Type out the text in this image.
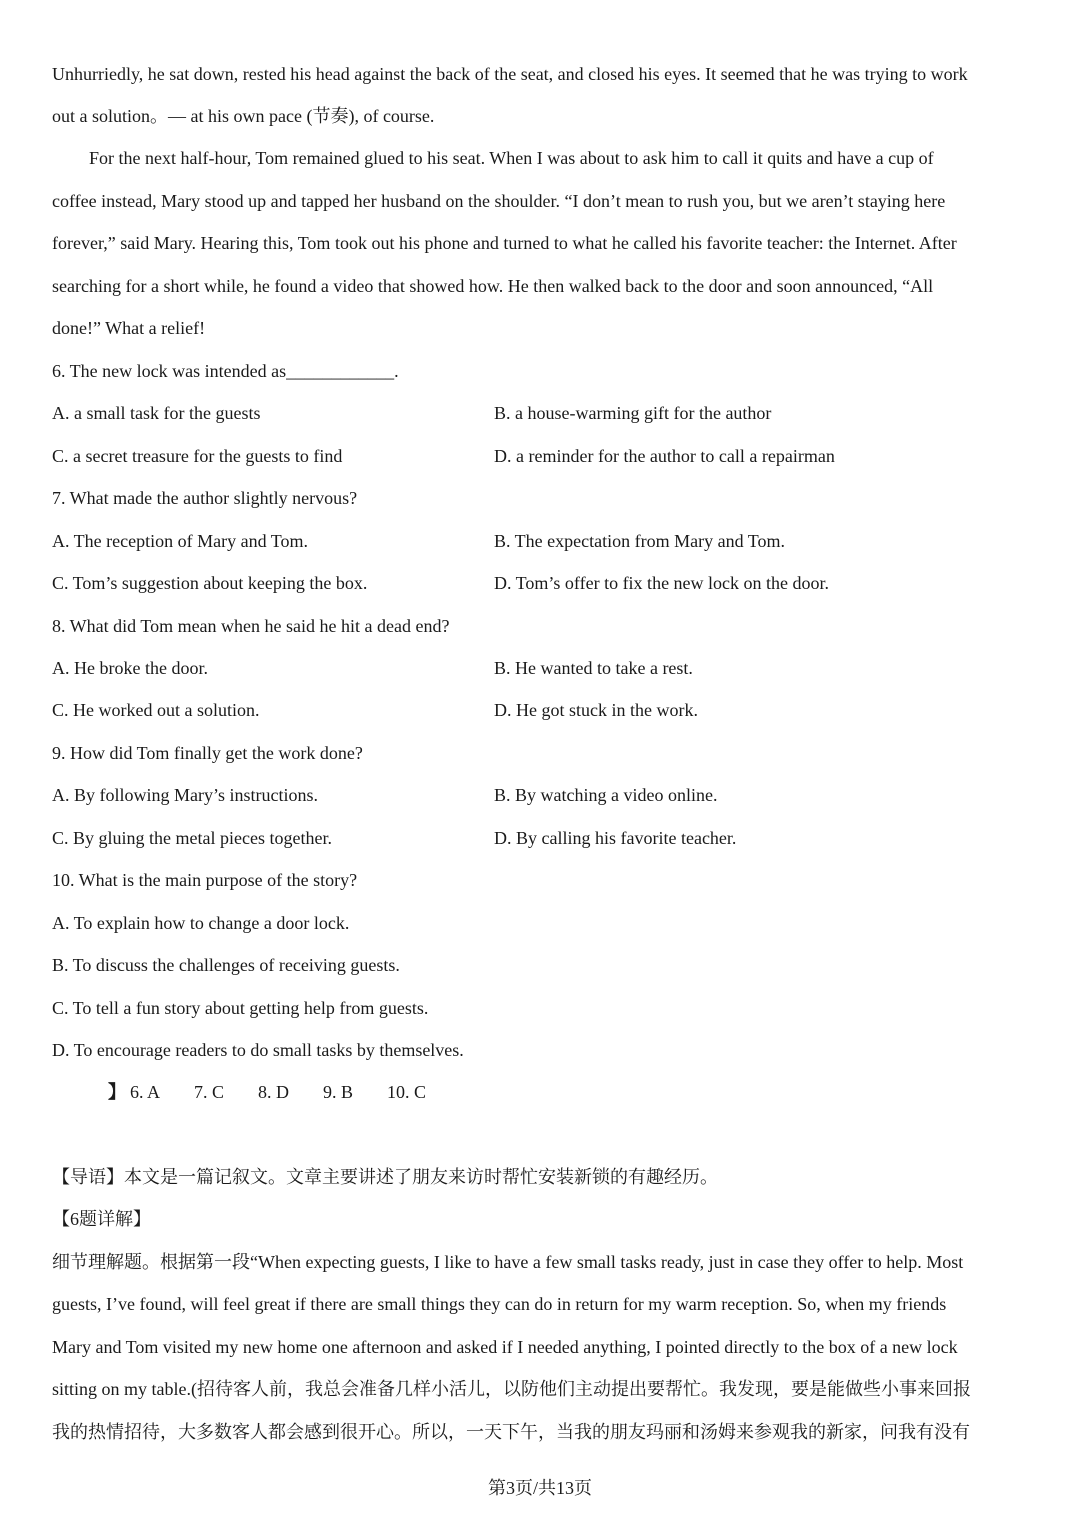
Unhurriedly, he sat down, rested his head against the back of the seat, and closed his eyes. It seemed that he was trying to work
out a solution。— at his own pace (节奏), of course.
For the next half-hour, Tom remained glued to his seat. When I was about to ask him to call it quits and have a cup of
coffee instead, Mary stood up and tapped her husband on the shoulder. “I don’t mean to rush you, but we aren’t staying here
forever,” said Mary. Hearing this, Tom took out his phone and turned to what he called his favorite teacher: the Internet. After
searching for a short while, he found a video that showed how. He then walked back to the door and soon announced, “All
done!” What a relief!
6. The new lock was intended as____________.
A. a small task for the guests	B. a house-warming gift for the author
C. a secret treasure for the guests to find	D. a reminder for the author to call a repairman
7. What made the author slightly nervous?
A. The reception of Mary and Tom.	B. The expectation from Mary and Tom.
C. Tom’s suggestion about keeping the box.	D. Tom’s offer to fix the new lock on the door.
8. What did Tom mean when he said he hit a dead end?
A. He broke the door.	B. He wanted to take a rest.
C. He worked out a solution.	D. He got stuck in the work.
9. How did Tom finally get the work done?
A. By following Mary’s instructions.	B. By watching a video online.
C. By gluing the metal pieces together.	D. By calling his favorite teacher.
10. What is the main purpose of the story?
A. To explain how to change a door lock.
B. To discuss the challenges of receiving guests.
C. To tell a fun story about getting help from guests.
D. To encourage readers to do small tasks by themselves.
】 6. A 7. C 8. D 9. B 10. C
【导语】本文是一篇记叙文。文章主要讲述了朋友来访时帮忙安装新锁的有趣经历。
【6题详解】
细节理解题。根据第一段“When expecting guests, I like to have a few small tasks ready, just in case they offer to help. Most
guests, I’ve found, will feel great if there are small things they can do in return for my warm reception. So, when my friends
Mary and Tom visited my new home one afternoon and asked if I needed anything, I pointed directly to the box of a new lock
sitting on my table.(招待客人前，我总会准备几样小活儿，以防他们主动提出要帮忙。我发现，要是能做些小事来回报
我的热情招待，大多数客人都会感到很开心。所以，一天下午，当我的朋友玛丽和汤姆来参观我的新家，问我有没有
第3页/共13页
